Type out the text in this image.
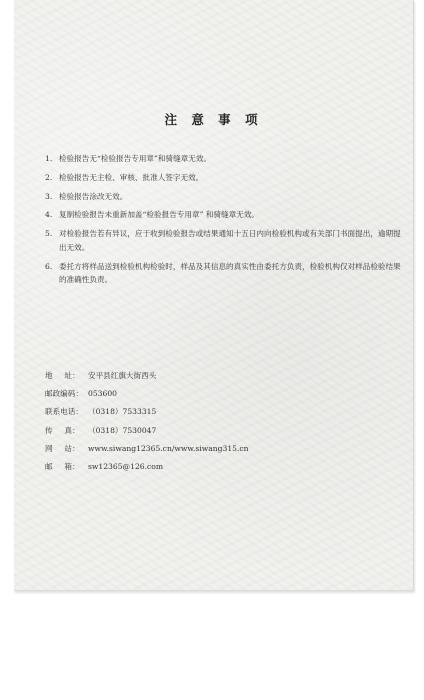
注 意 事 项
1. 检验报告无“检验报告专用章”和骑缝章无效。
2. 检验报告无主检、审核、批准人签字无效。
3. 检验报告涂改无效。
4. 复制检验报告未重新加盖“检验报告专用章” 和骑缝章无效。
5. 对检验报告若有异议，应于收到检验报告或结果通知十五日内向检验机构或有关部门书面提出，逾期提出无效。
6. 委托方将样品送到检验机构检验时，样品及其信息的真实性由委托方负责，检验机构仅对样品检验结果的准确性负责。
地 址 ： 安平县红旗大街西头
邮政编码： 053600
联系电话： （0318）7533315
传 真 ： （0318）7530047
网 站 ： www.siwang12365.cn/www.siwang315.cn
邮 箱 ： sw12365@126.com
